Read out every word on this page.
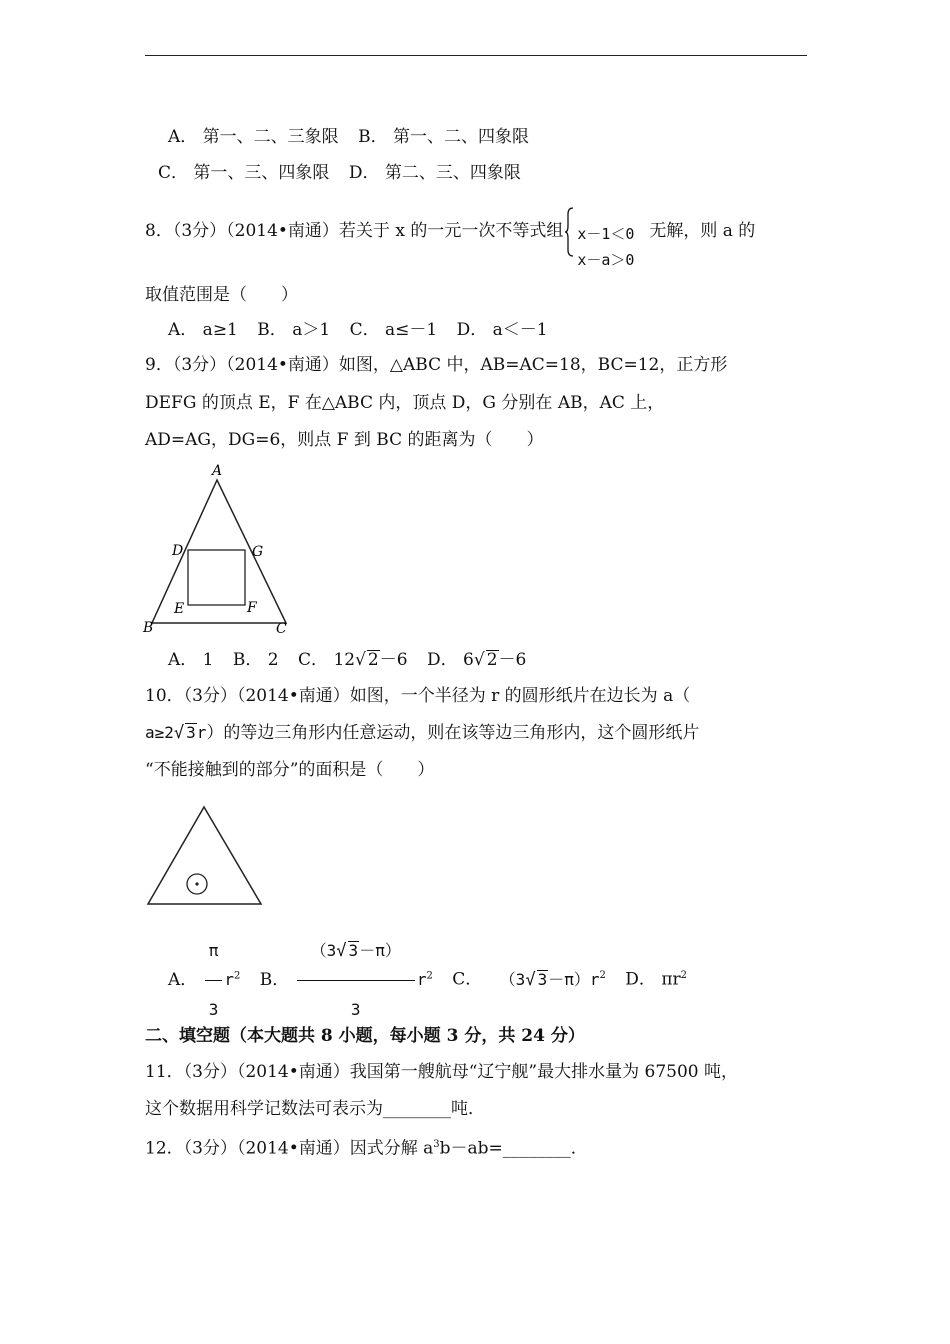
A． 第一、二、三象限 B． 第一、二、四象限
C． 第一、三、四象限 D． 第二、三、四象限
8．（3分）（2014•南通）若关于 x 的一元一次不等式组 x－1＜0
x－a＞0
无解，则 a 的
取值范围是（　　）
A． a≥1 B． a＞1 C． a≤－1 D． a＜－1
9．（3分）（2014•南通）如图，△ABC 中，AB=AC=18，BC=12，正方形
DEFG 的顶点 E，F 在△ABC 内，顶点 D，G 分别在 AB，AC 上，
AD=AG，DG=6，则点 F 到 BC 的距离为（　　）
A
B	C
D
E	F
G
A． 1 B． 2 C． 12√ 2－6 D． 6√ 2－6
10．（3分）（2014•南通）如图，一个半径为 r 的圆形纸片在边长为 a（
a≥2√ 3r）的等边三角形内任意运动，则在该等边三角形内，这个圆形纸片
“不能接触到的部分”的面积是（　　）
A． $\frac{\pi}{3} r^2$ B． $\frac{(3√ 3-\pi)}{3} r^2$ C． （3√ $3-\pi)r^2$ D． $\pi r^2$
二、填空题（本大题共 8 小题，每小题 3 分，共 24 分）
11．（3分）（2014•南通）我国第一艘航母“辽宁舰”最大排水量为 67500 吨，
这个数据用科学记数法可表示为________吨．
12．（3分）（2014•南通）因式分解 $a^3b-ab=\_\_\_\_\_\_\_\_$．
